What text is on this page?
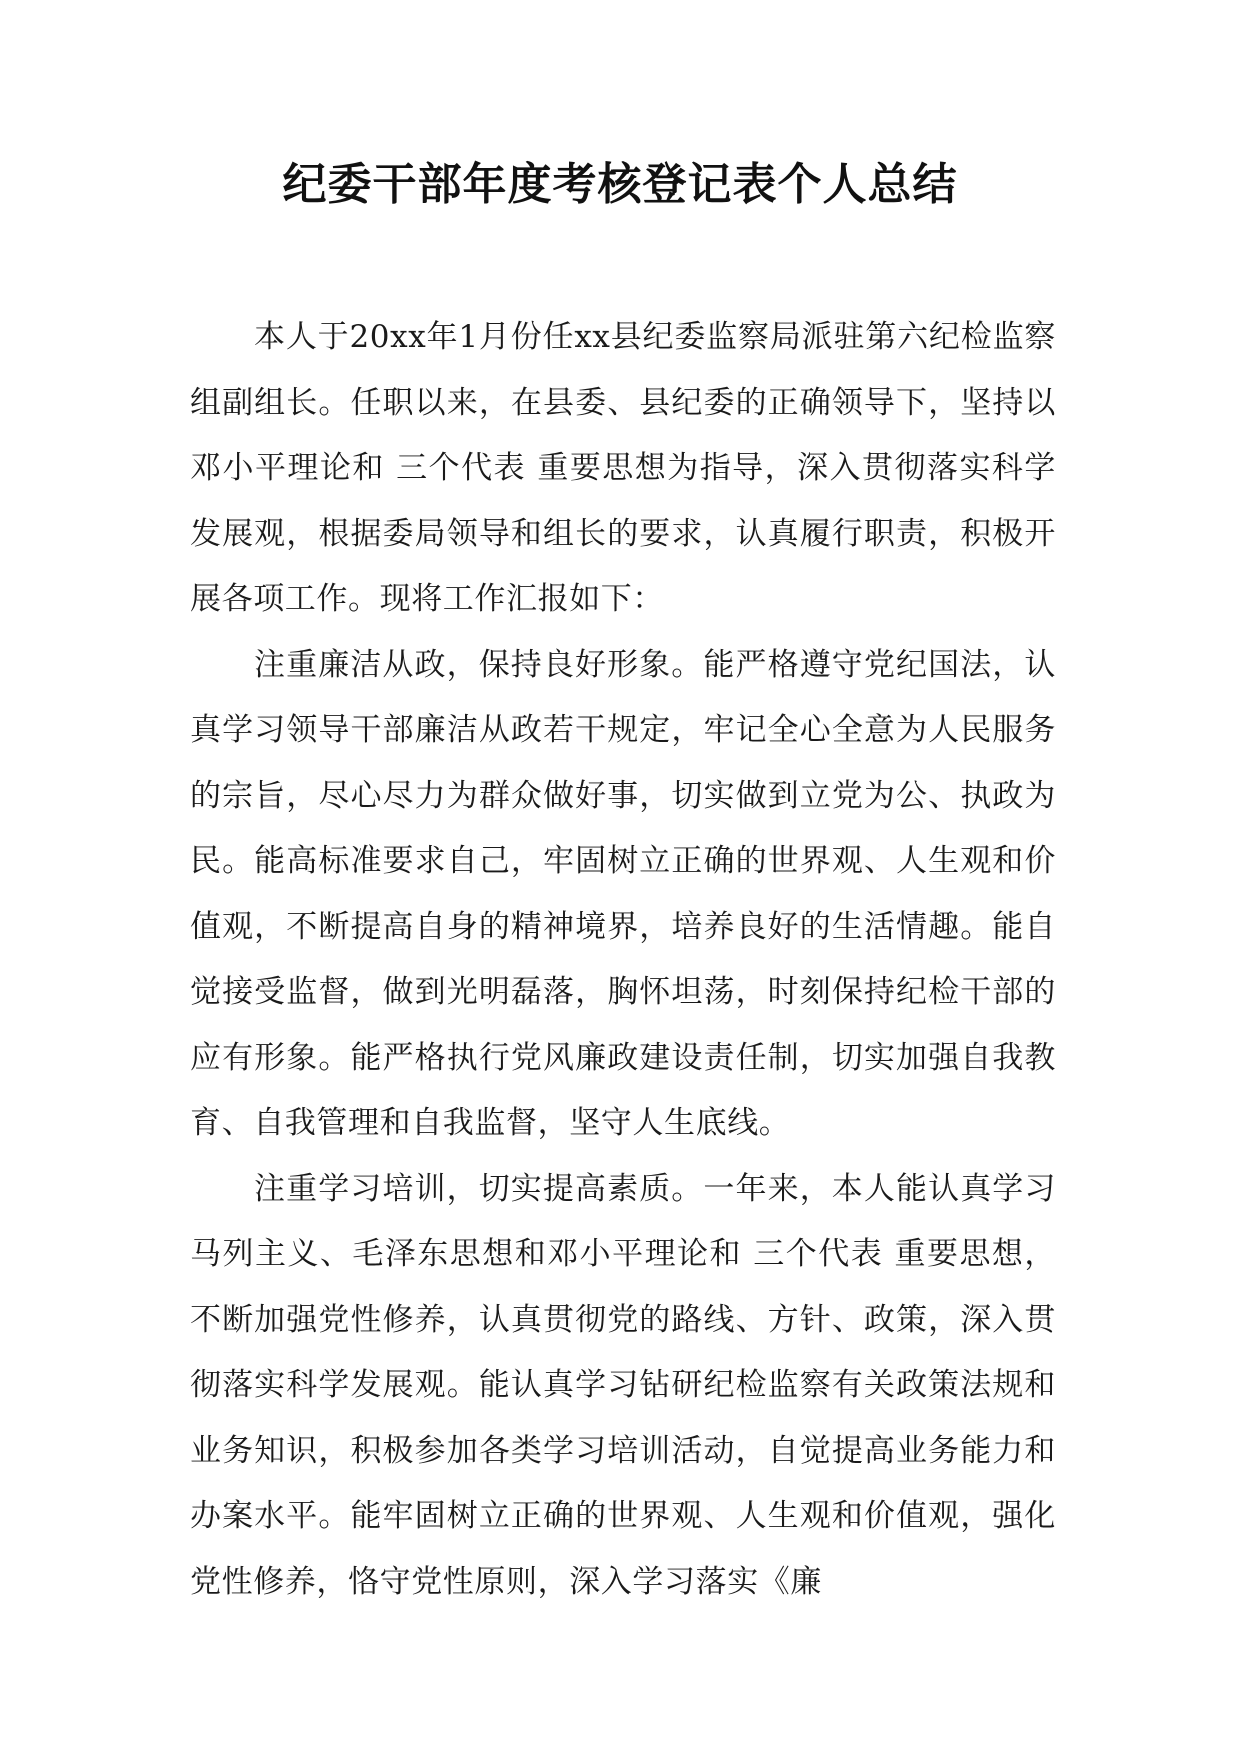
纪委干部年度考核登记表个人总结

本人于20xx年1月份任xx县纪委监察局派驻第六纪检监察组副组长。任职以来，在县委、县纪委的正确领导下，坚持以邓小平理论和 三个代表 重要思想为指导，深入贯彻落实科学发展观，根据委局领导和组长的要求，认真履行职责，积极开展各项工作。现将工作汇报如下：

注重廉洁从政，保持良好形象。能严格遵守党纪国法，认真学习领导干部廉洁从政若干规定，牢记全心全意为人民服务的宗旨，尽心尽力为群众做好事，切实做到立党为公、执政为民。能高标准要求自己，牢固树立正确的世界观、人生观和价值观，不断提高自身的精神境界，培养良好的生活情趣。能自觉接受监督，做到光明磊落，胸怀坦荡，时刻保持纪检干部的应有形象。能严格执行党风廉政建设责任制，切实加强自我教育、自我管理和自我监督，坚守人生底线。

注重学习培训，切实提高素质。一年来，本人能认真学习马列主义、毛泽东思想和邓小平理论和 三个代表 重要思想，不断加强党性修养，认真贯彻党的路线、方针、政策，深入贯彻落实科学发展观。能认真学习钻研纪检监察有关政策法规和业务知识，积极参加各类学习培训活动，自觉提高业务能力和办案水平。能牢固树立正确的世界观、人生观和价值观，强化党性修养，恪守党性原则，深入学习落实《廉
